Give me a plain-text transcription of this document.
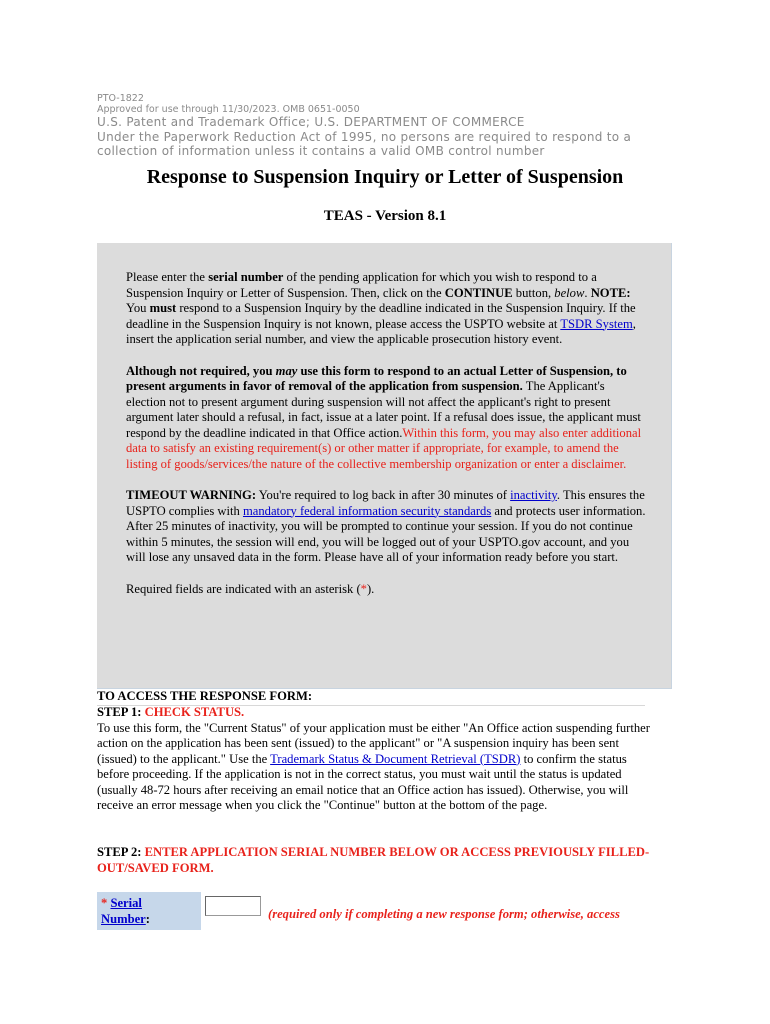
PTO-1822
Approved for use through 11/30/2023. OMB 0651-0050
U.S. Patent and Trademark Office; U.S. DEPARTMENT OF COMMERCE
Under the Paperwork Reduction Act of 1995, no persons are required to respond to a
collection of information unless it contains a valid OMB control number
Response to Suspension Inquiry or Letter of Suspension
TEAS - Version 8.1

Please enter the serial number of the pending application for which you wish to respond to a Suspension Inquiry or Letter of Suspension. Then, click on the CONTINUE button, below. NOTE: You must respond to a Suspension Inquiry by the deadline indicated in the Suspension Inquiry. If the deadline in the Suspension Inquiry is not known, please access the USPTO website at TSDR System, insert the application serial number, and view the applicable prosecution history event.

Although not required, you may use this form to respond to an actual Letter of Suspension, to present arguments in favor of removal of the application from suspension. The Applicant's election not to present argument during suspension will not affect the applicant's right to present argument later should a refusal, in fact, issue at a later point. If a refusal does issue, the applicant must respond by the deadline indicated in that Office action.Within this form, you may also enter additional data to satisfy an existing requirement(s) or other matter if appropriate, for example, to amend the listing of goods/services/the nature of the collective membership organization or enter a disclaimer.

TIMEOUT WARNING: You're required to log back in after 30 minutes of inactivity. This ensures the USPTO complies with mandatory federal information security standards and protects user information. After 25 minutes of inactivity, you will be prompted to continue your session. If you do not continue within 5 minutes, the session will end, you will be logged out of your USPTO.gov account, and you will lose any unsaved data in the form. Please have all of your information ready before you start.

Required fields are indicated with an asterisk (*).

TO ACCESS THE RESPONSE FORM:
STEP 1: CHECK STATUS.
To use this form, the "Current Status" of your application must be either "An Office action suspending further action on the application has been sent (issued) to the applicant" or "A suspension inquiry has been sent (issued) to the applicant." Use the Trademark Status & Document Retrieval (TSDR) to confirm the status before proceeding. If the application is not in the correct status, you must wait until the status is updated (usually 48-72 hours after receiving an email notice that an Office action has issued). Otherwise, you will receive an error message when you click the "Continue" button at the bottom of the page.
STEP 2: ENTER APPLICATION SERIAL NUMBER BELOW OR ACCESS PREVIOUSLY FILLED-OUT/SAVED FORM.
* Serial
Number:	(required only if completing a new response form; otherwise, access
